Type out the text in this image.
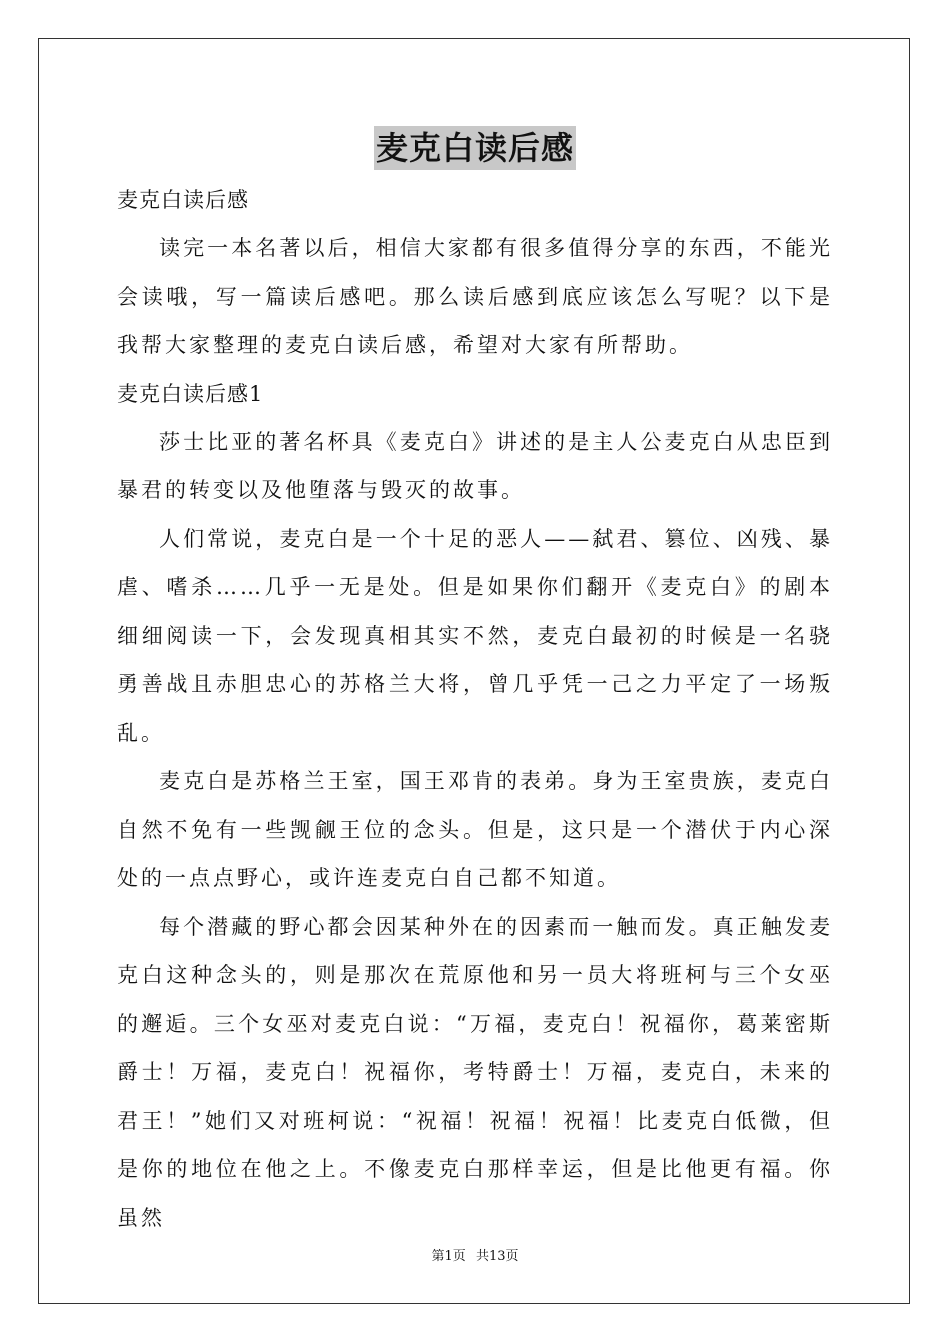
麦克白读后感

麦克白读后感

读完一本名著以后，相信大家都有很多值得分享的东西，不能光会读哦，写一篇读后感吧。那么读后感到底应该怎么写呢？以下是我帮大家整理的麦克白读后感，希望对大家有所帮助。

麦克白读后感1

莎士比亚的著名杯具《麦克白》讲述的是主人公麦克白从忠臣到暴君的转变以及他堕落与毁灭的故事。

人们常说，麦克白是一个十足的恶人——弑君、篡位、凶残、暴虐、嗜杀……几乎一无是处。但是如果你们翻开《麦克白》的剧本细细阅读一下，会发现真相其实不然，麦克白最初的时候是一名骁勇善战且赤胆忠心的苏格兰大将，曾几乎凭一己之力平定了一场叛乱。

麦克白是苏格兰王室，国王邓肯的表弟。身为王室贵族，麦克白自然不免有一些觊觎王位的念头。但是，这只是一个潜伏于内心深处的一点点野心，或许连麦克白自己都不知道。

每个潜藏的野心都会因某种外在的因素而一触而发。真正触发麦克白这种念头的，则是那次在荒原他和另一员大将班柯与三个女巫的邂逅。三个女巫对麦克白说：“万福，麦克白！祝福你，葛莱密斯爵士！万福，麦克白！祝福你，考特爵士！万福，麦克白，未来的君王！”她们又对班柯说：“祝福！祝福！祝福！比麦克白低微，但是你的地位在他之上。不像麦克白那样幸运，但是比他更有福。你虽然

第1页 共13页
